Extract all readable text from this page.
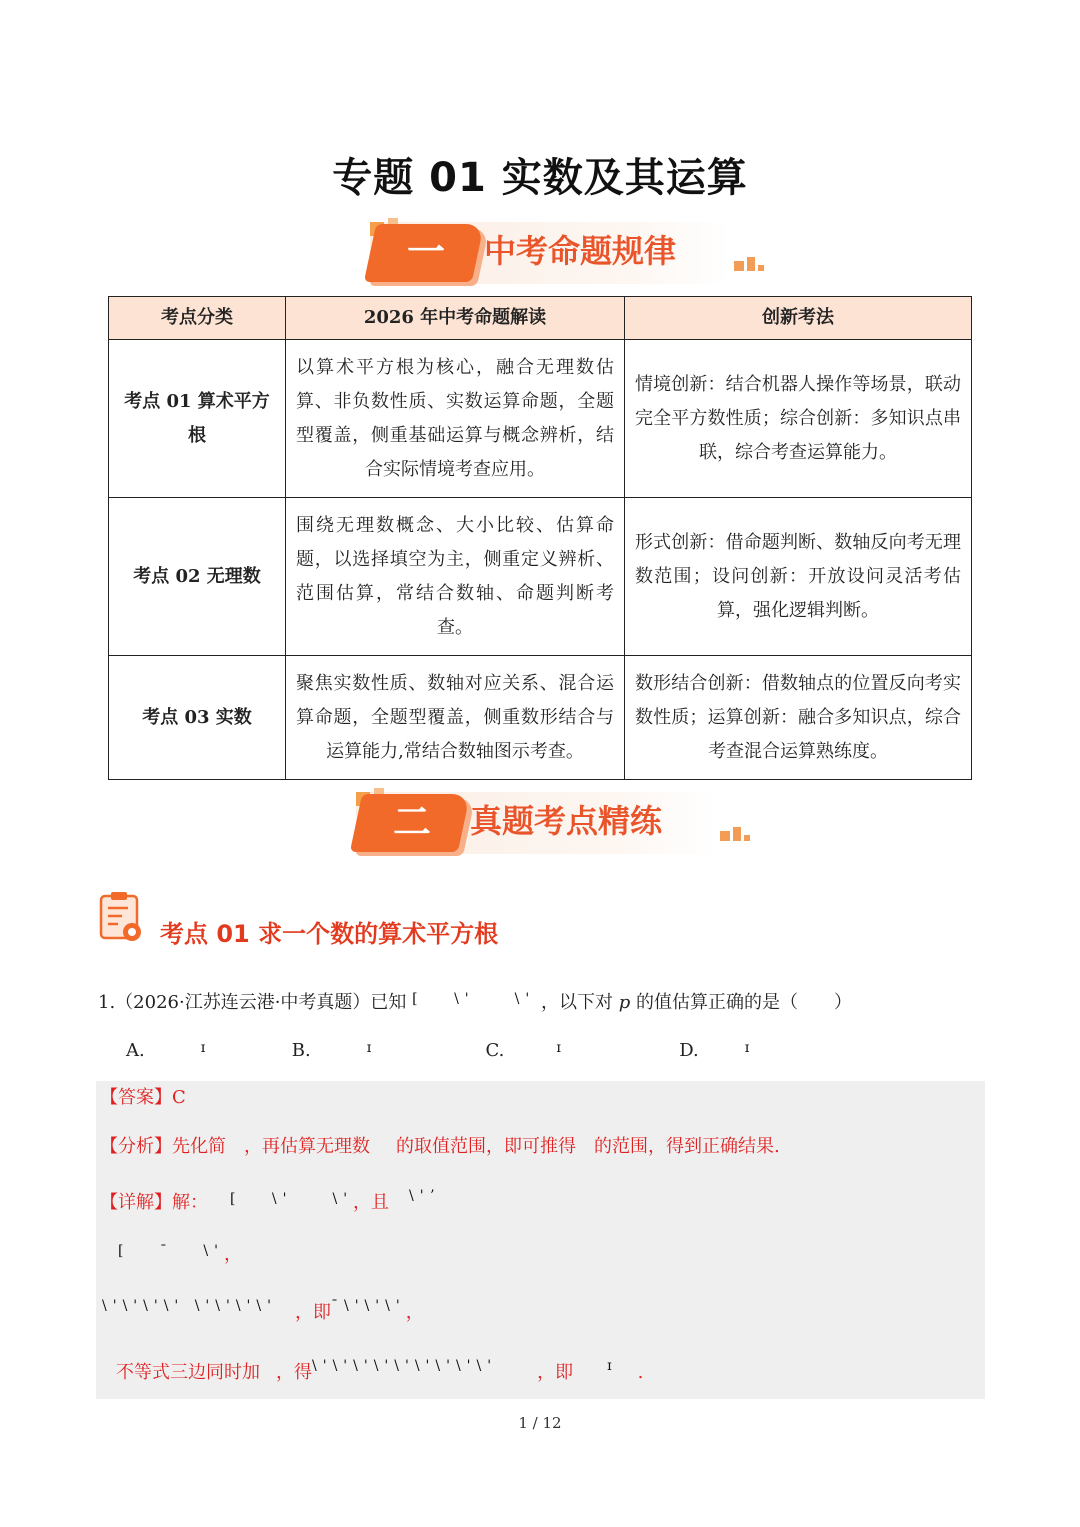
专题 01 实数及其运算
一	中考命题规律
考点分类	2026 年中考命题解读	创新考法
考点 01 算术平方根	以算术平方根为核心，融合无理数估算、非负数性质、实数运算命题，全题型覆盖，侧重基础运算与概念辨析，结合实际情境考查应用。	情境创新：结合机器人操作等场景，联动完全平方数性质；综合创新：多知识点串联，综合考查运算能力。
考点 02 无理数	围绕无理数概念、大小比较、估算命题，以选择填空为主，侧重定义辨析、范围估算，常结合数轴、命题判断考查。	形式创新：借命题判断、数轴反向考无理数范围；设问创新：开放设问灵活考估算，强化逻辑判断。
考点 03 实数	聚焦实数性质、数轴对应关系、混合运算命题，全题型覆盖，侧重数形结合与运算能力,常结合数轴图示考查。	数形结合创新：借数轴点的位置反向考实数性质；运算创新：融合多知识点，综合考查混合运算熟练度。
二	真题考点精练
考点 01 求一个数的算术平方根
1.（2026·江苏连云港·中考真题）已知 [　 \'　　\' ，以下对 p 的值估算正确的是（　　）
A.	ɪ	B.	ɪ	C.	ɪ	D.	ɪ
【答案】C
【分析】先化简 ，再估算无理数 的取值范围，即可推得 的范围，得到正确结果.
【详解】解： [　 \'　　\'，且 \'ʼ
[　 ˉ　 \'，
\'\'\'\' \'\'\'\' ，即ˉ\'\'\'，
不等式三边同时加 ，得\'\'\'\'\'\'\'\'\' ，即 ɪ .
1 / 12
